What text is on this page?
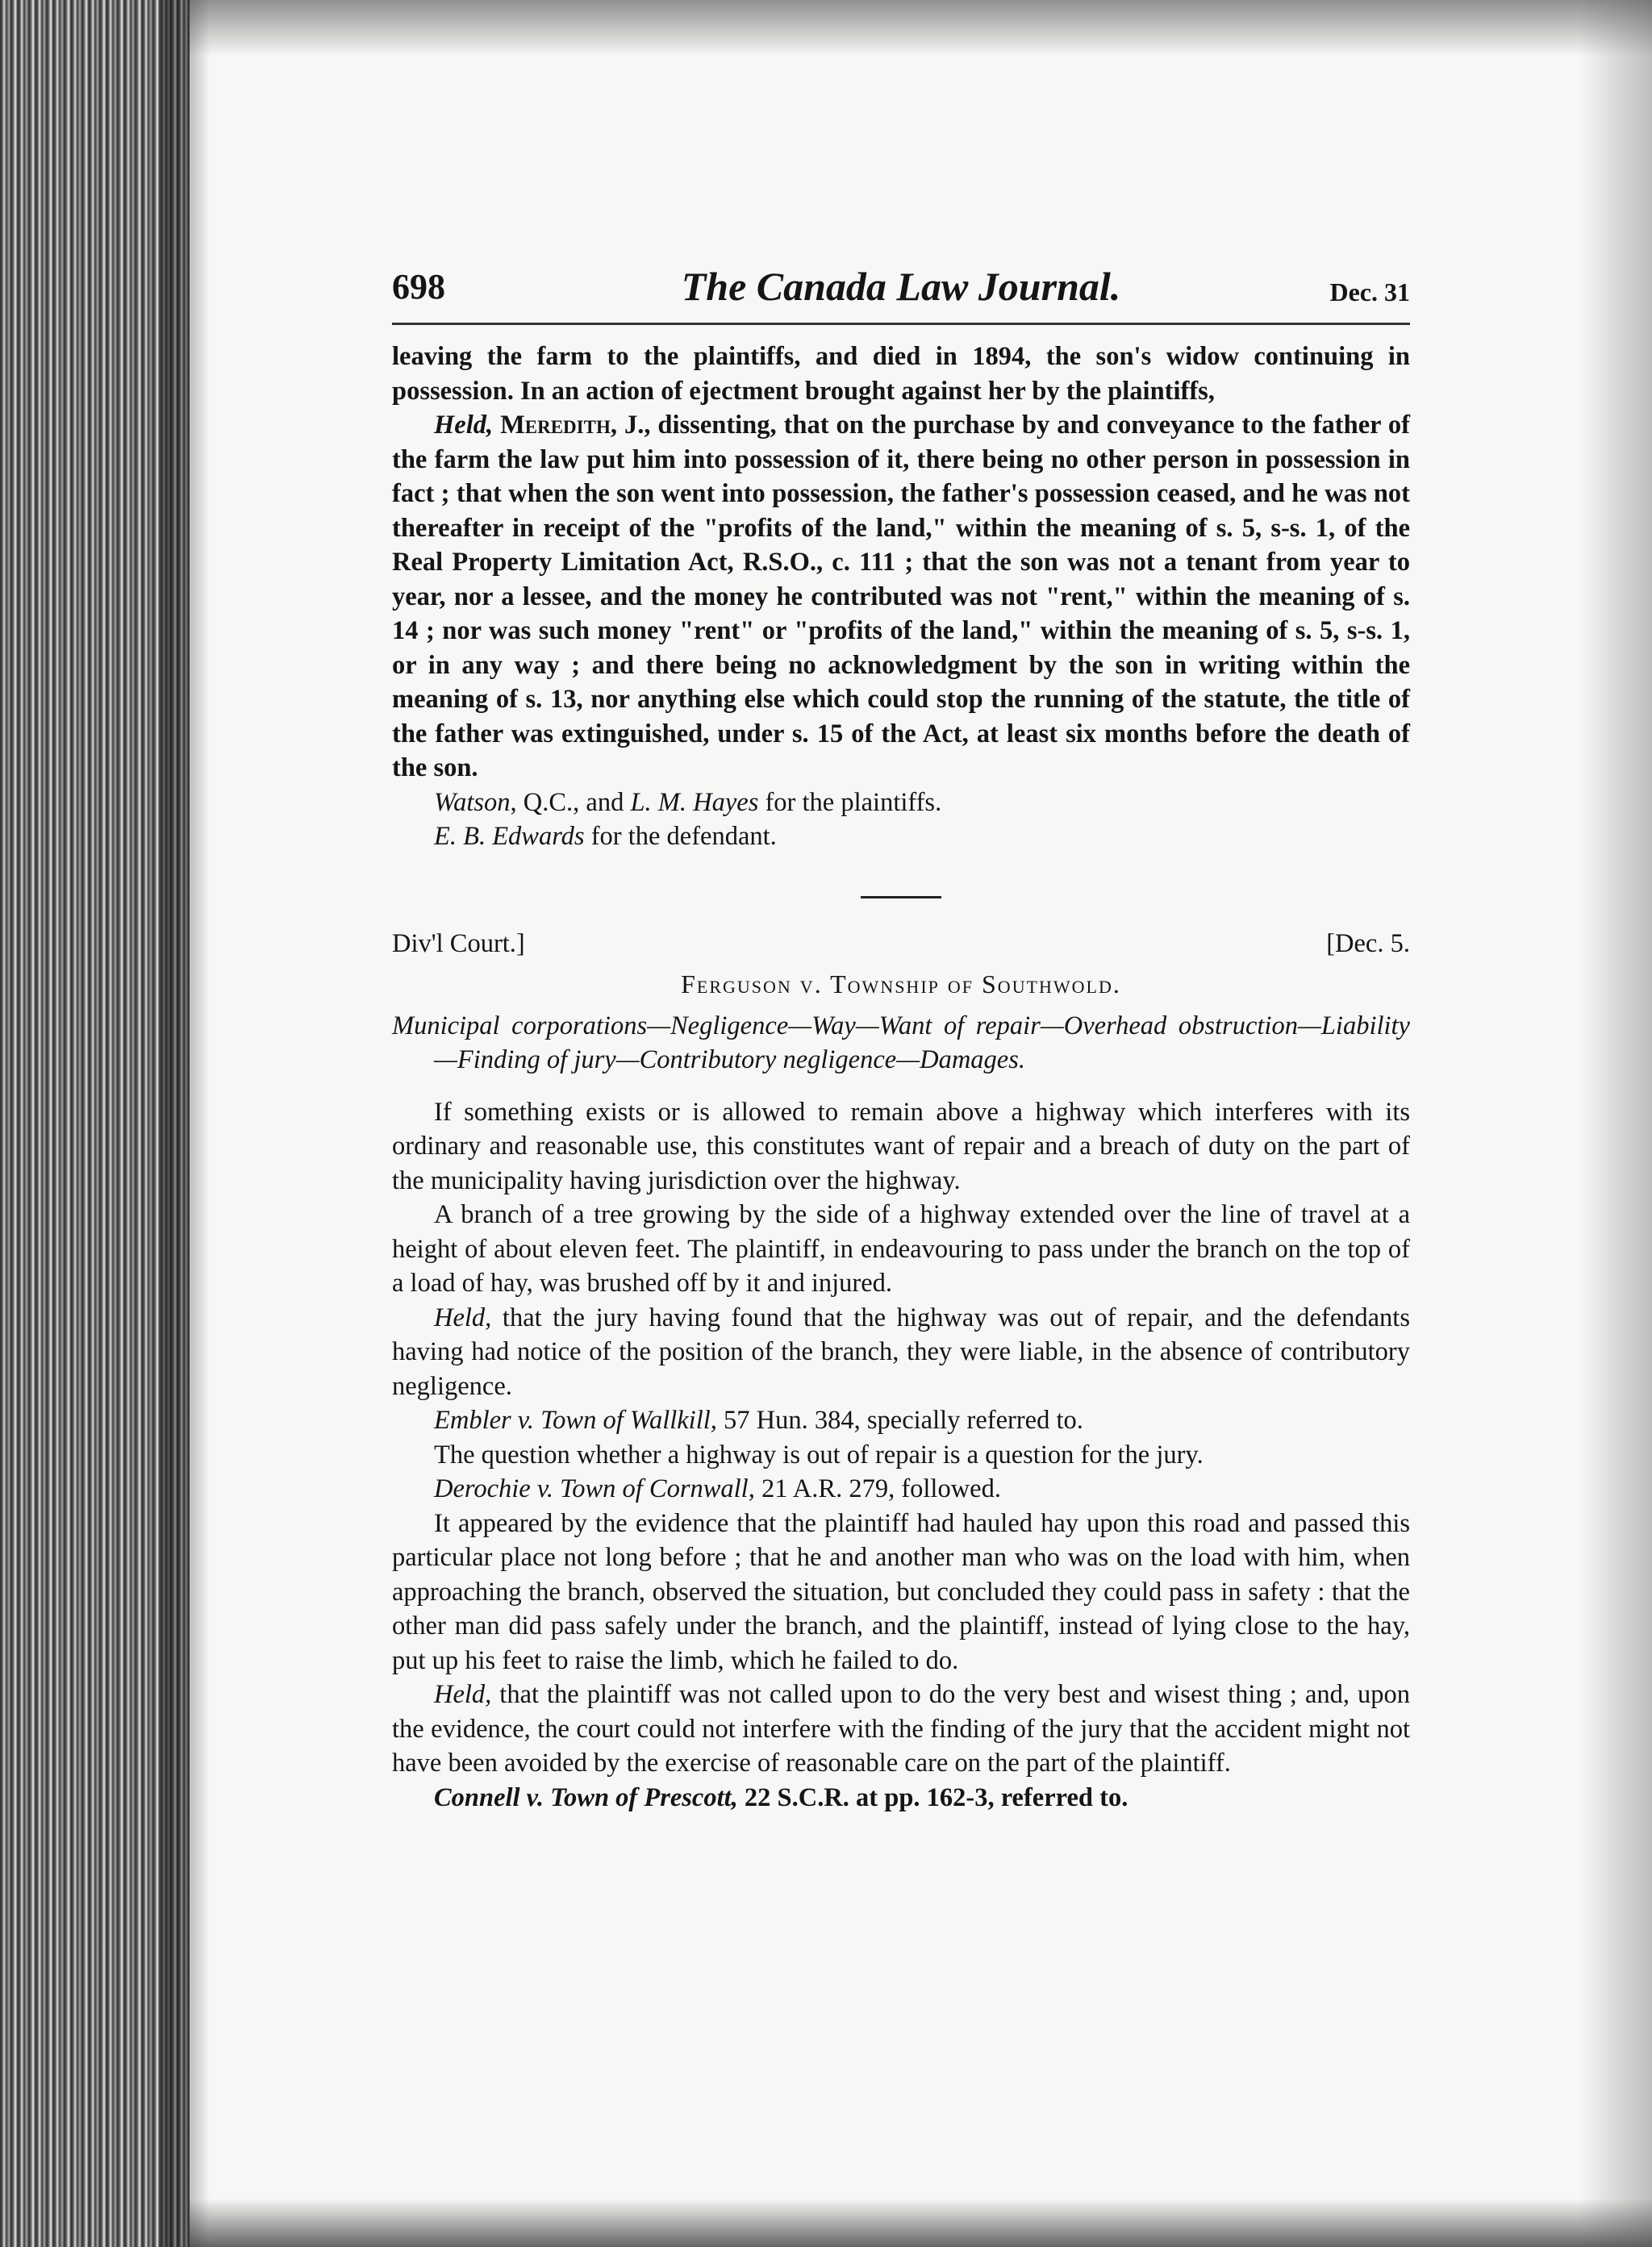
698	The Canada Law Journal.	Dec. 31

leaving the farm to the plaintiffs, and died in 1894, the son's widow continuing in possession. In an action of ejectment brought against her by the plaintiffs,

Held, Meredith, J., dissenting, that on the purchase by and conveyance to the father of the farm the law put him into possession of it, there being no other person in possession in fact ; that when the son went into possession, the father's possession ceased, and he was not thereafter in receipt of the "profits of the land," within the meaning of s. 5, s-s. 1, of the Real Property Limitation Act, R.S.O., c. 111 ; that the son was not a tenant from year to year, nor a lessee, and the money he contributed was not "rent," within the meaning of s. 14 ; nor was such money "rent" or "profits of the land," within the meaning of s. 5, s-s. 1, or in any way ; and there being no acknowledgment by the son in writing within the meaning of s. 13, nor anything else which could stop the running of the statute, the title of the father was extinguished, under s. 15 of the Act, at least six months before the death of the son.

Watson, Q.C., and L. M. Hayes for the plaintiffs.

E. B. Edwards for the defendant.

Div'l Court.]	[Dec. 5.
Ferguson v. Township of Southwold.
Municipal corporations—Negligence—Way—Want of repair—Overhead obstruction—Liability—Finding of jury—Contributory negligence—Damages.

If something exists or is allowed to remain above a highway which interferes with its ordinary and reasonable use, this constitutes want of repair and a breach of duty on the part of the municipality having jurisdiction over the highway.

A branch of a tree growing by the side of a highway extended over the line of travel at a height of about eleven feet. The plaintiff, in endeavouring to pass under the branch on the top of a load of hay, was brushed off by it and injured.

Held, that the jury having found that the highway was out of repair, and the defendants having had notice of the position of the branch, they were liable, in the absence of contributory negligence.

Embler v. Town of Wallkill, 57 Hun. 384, specially referred to.

The question whether a highway is out of repair is a question for the jury.

Derochie v. Town of Cornwall, 21 A.R. 279, followed.

It appeared by the evidence that the plaintiff had hauled hay upon this road and passed this particular place not long before ; that he and another man who was on the load with him, when approaching the branch, observed the situation, but concluded they could pass in safety : that the other man did pass safely under the branch, and the plaintiff, instead of lying close to the hay, put up his feet to raise the limb, which he failed to do.

Held, that the plaintiff was not called upon to do the very best and wisest thing ; and, upon the evidence, the court could not interfere with the finding of the jury that the accident might not have been avoided by the exercise of reasonable care on the part of the plaintiff.

Connell v. Town of Prescott, 22 S.C.R. at pp. 162-3, referred to.
